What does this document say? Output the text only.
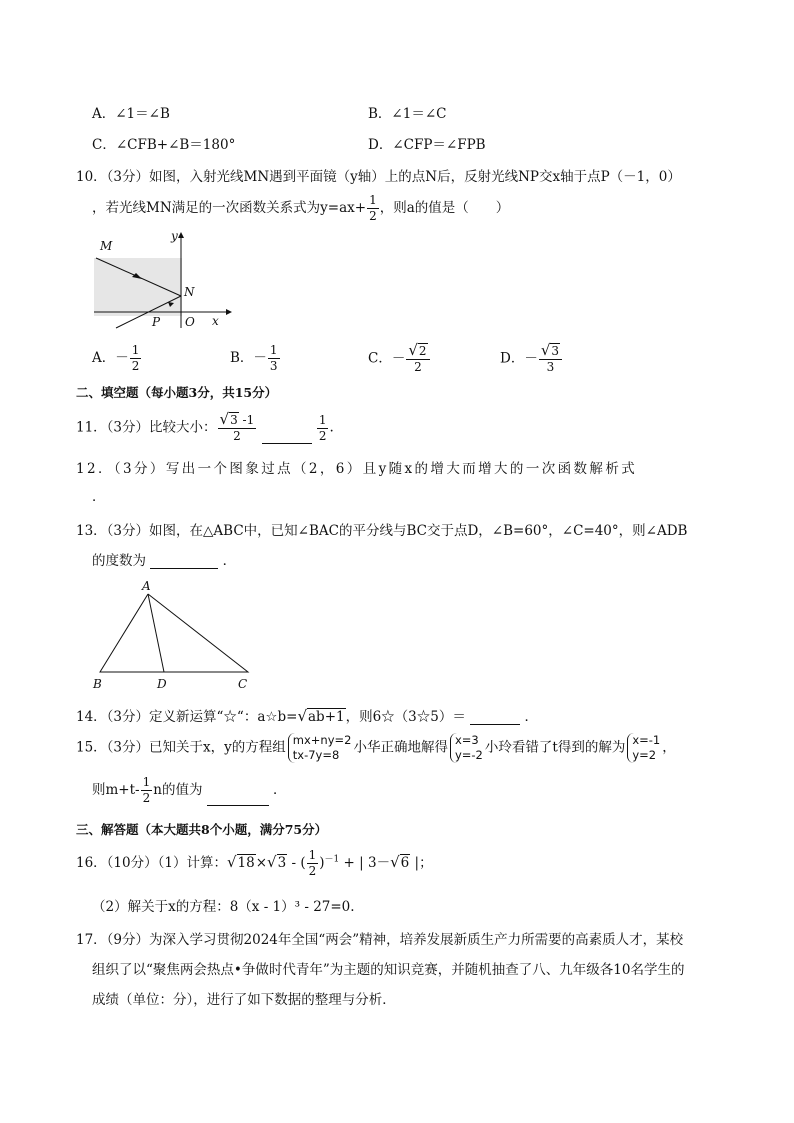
A．∠1＝∠B	B．∠1＝∠C
C．∠CFB+∠B＝180°	D．∠CFP＝∠FPB
10．（3分）如图，入射光线MN遇到平面镜（y轴）上的点N后，反射光线NP交x轴于点P（－1，0）
，若光线MN满足的一次函数关系式为$y=ax+ \frac{1}{2}$ ，则a的值是（　　）
M
N
P O x
y
A．－ $\frac{1}{2}$	B．－ $\frac{1}{3}$	C．－ $\frac{√2}{2}$	D．－ $\frac{√3}{3}$
二、填空题（每小题3分，共15分）
11．（3分）比较大小： $\frac{√3 -1}{2}$
	$\frac{1}{2}$ .
12．（3分）写出一个图象过点（2，6）且y随x的增大而增大的一次函数解析式
．
13．（3分）如图，在△ABC中，已知∠BAC的平分线与BC交于点D，∠B=60°，∠C=40°，则∠ADB
的度数为	．
A
B	D	C
14．（3分）定义新运算“☆“：a☆b=√ab+1，则6☆（3☆5）＝	．
15．（3分）已知关于x，y的方程组 mx+ny=2
tx-7y=8	小华正确地解得 x=3
y=-2 小玲看错了t得到的解为 x=-1
y=2 ，
则$m+t- \frac{1}{2}$ n的值为	．
三、解答题（本大题共8个小题，满分75分）
16．（10分）（1）计算：√18×√3 - ( $\frac{1}{2} )^{-1}$ + | 3－√6 |；
（2）解关于x的方程：8（x - 1）³ - 27=0.
17．（9分）为深入学习贯彻2024年全国“两会”精神，培养发展新质生产力所需要的高素质人才，某校
组织了以“聚焦两会热点•争做时代青年”为主题的知识竞赛，并随机抽查了八、九年级各10名学生的
成绩（单位：分），进行了如下数据的整理与分析．
